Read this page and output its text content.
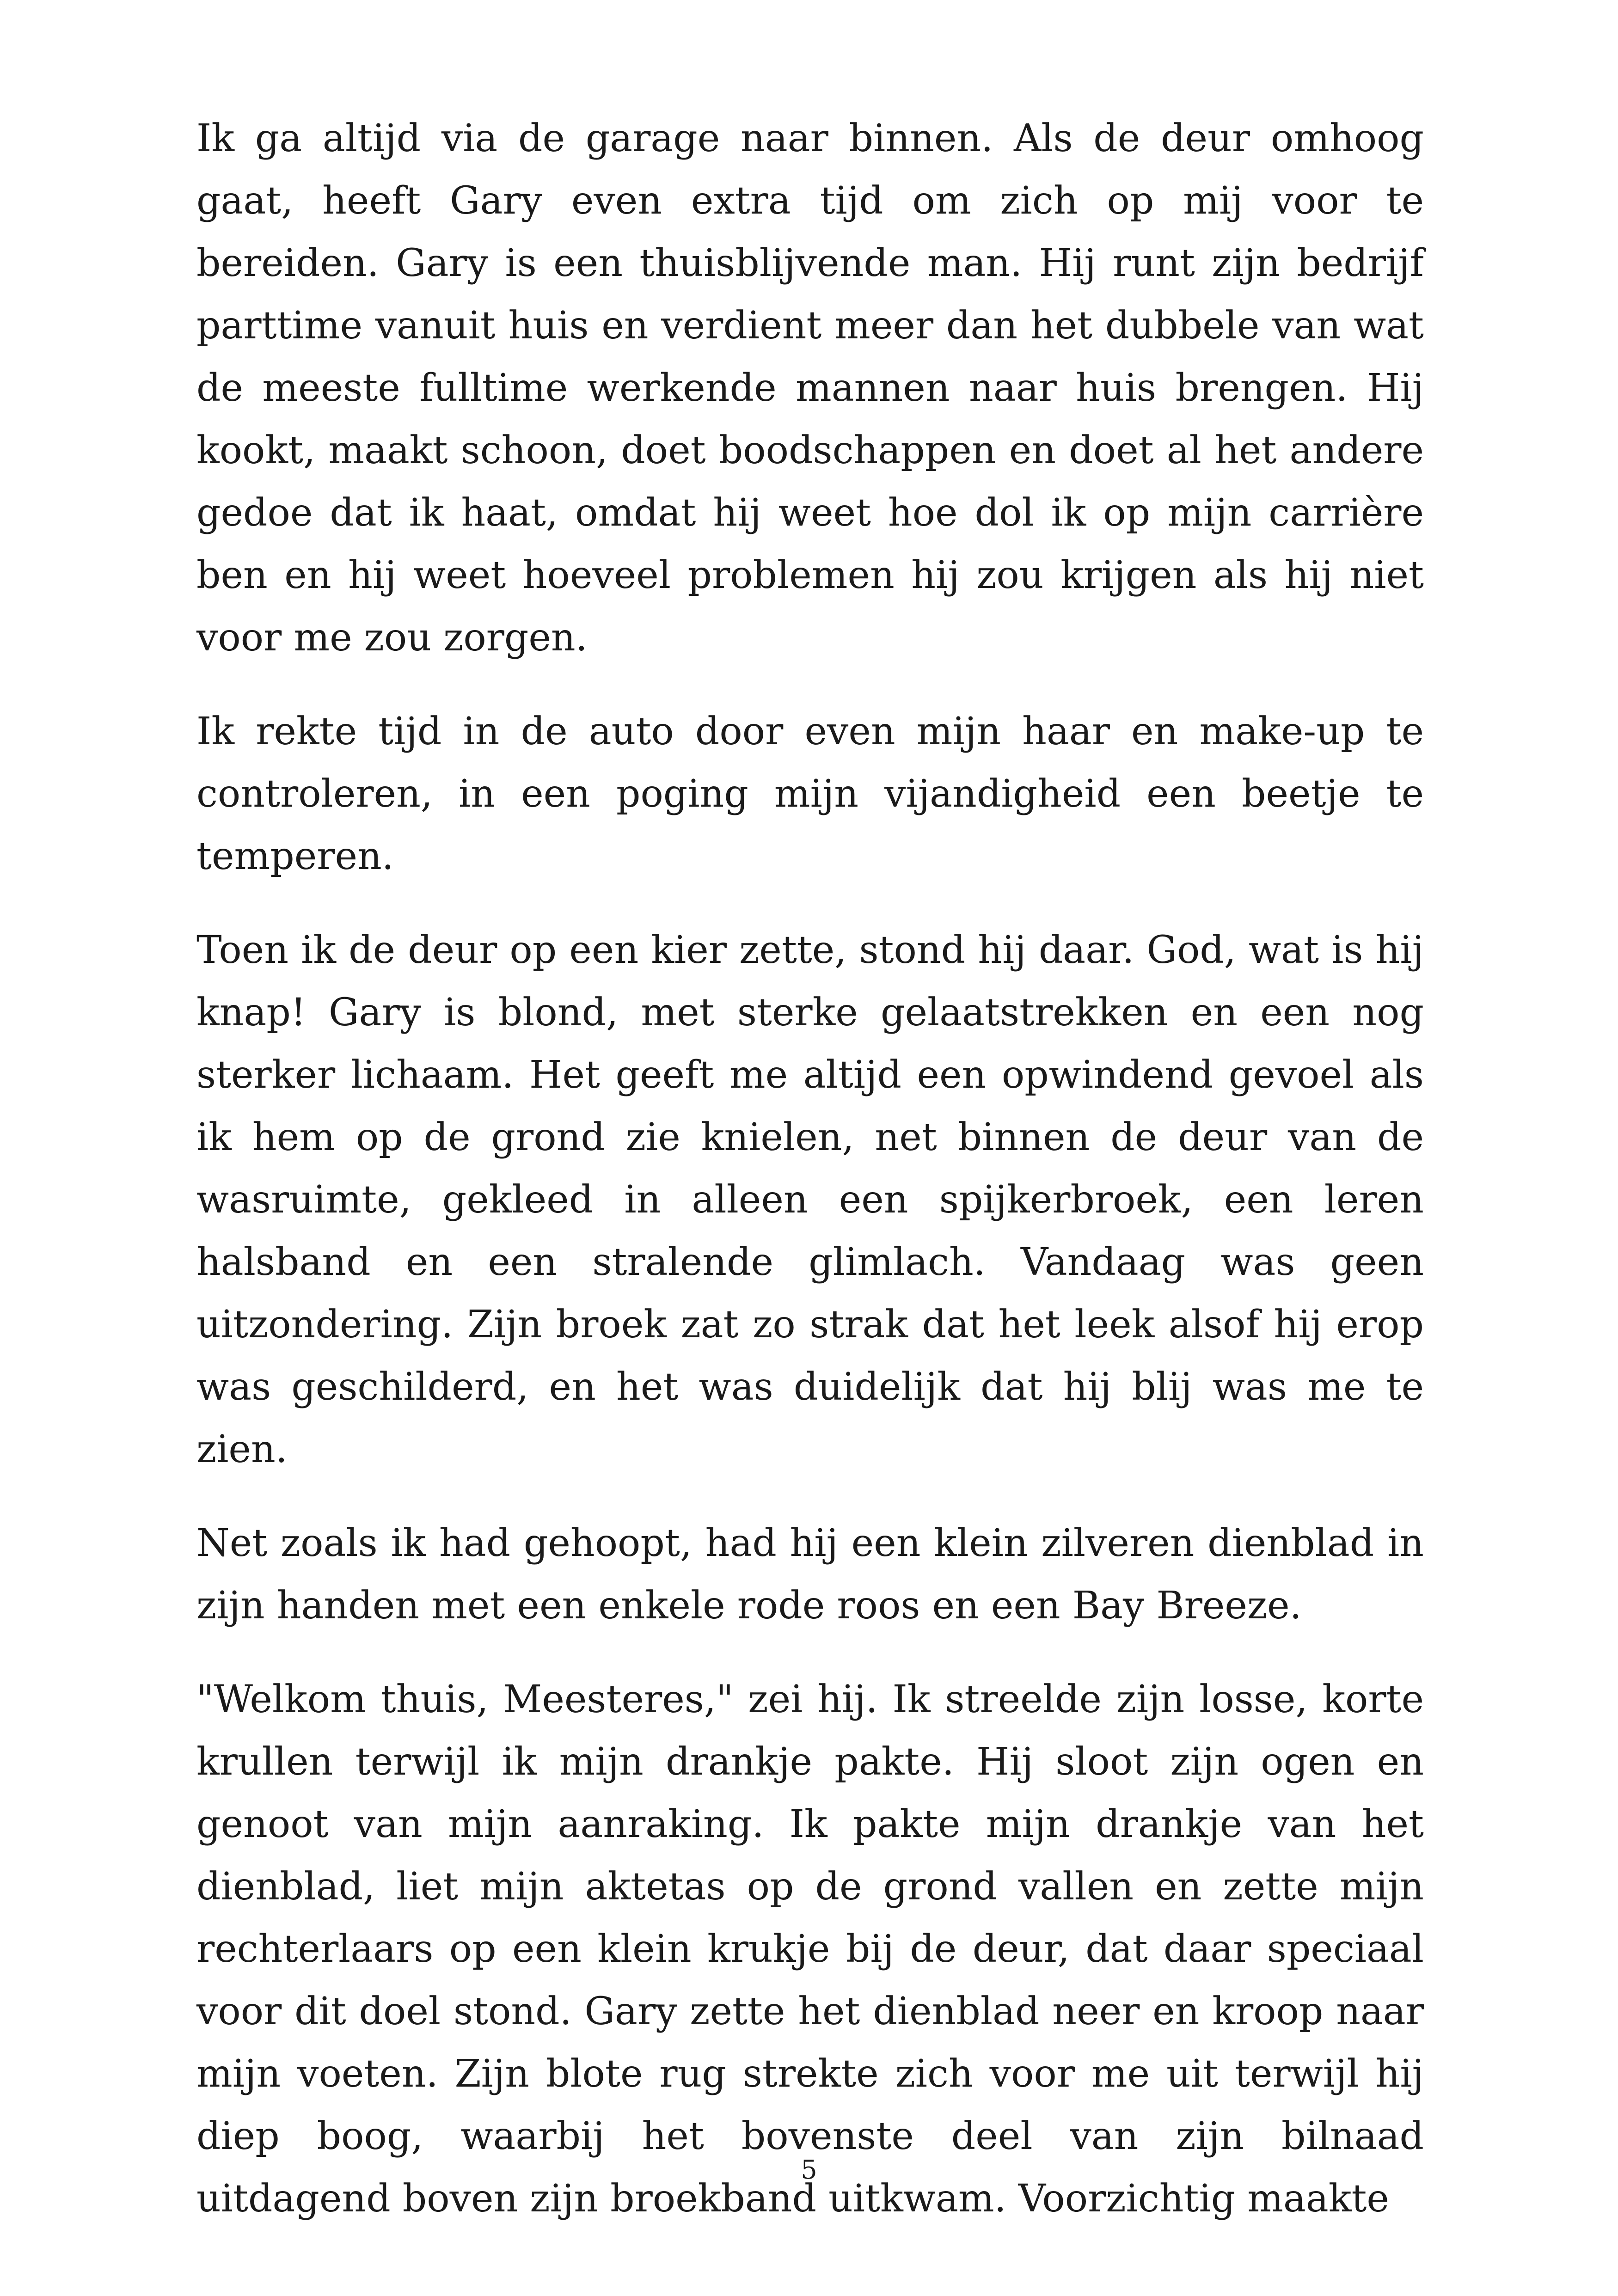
Ik ga altijd via de garage naar binnen. Als de deur omhoog gaat, heeft Gary even extra tijd om zich op mij voor te bereiden. Gary is een thuisblijvende man. Hij runt zijn bedrijf parttime vanuit huis en verdient meer dan het dubbele van wat de meeste fulltime werkende mannen naar huis brengen. Hij kookt, maakt schoon, doet boodschappen en doet al het andere gedoe dat ik haat, omdat hij weet hoe dol ik op mijn carrière ben en hij weet hoeveel problemen hij zou krijgen als hij niet voor me zou zorgen.

Ik rekte tijd in de auto door even mijn haar en make-up te controleren, in een poging mijn vijandigheid een beetje te temperen.

Toen ik de deur op een kier zette, stond hij daar. God, wat is hij knap! Gary is blond, met sterke gelaatstrekken en een nog sterker lichaam. Het geeft me altijd een opwindend gevoel als ik hem op de grond zie knielen, net binnen de deur van de wasruimte, gekleed in alleen een spijkerbroek, een leren halsband en een stralende glimlach. Vandaag was geen uitzondering. Zijn broek zat zo strak dat het leek alsof hij erop was geschilderd, en het was duidelijk dat hij blij was me te zien.

Net zoals ik had gehoopt, had hij een klein zilveren dienblad in zijn handen met een enkele rode roos en een Bay Breeze.

"Welkom thuis, Meesteres," zei hij. Ik streelde zijn losse, korte krullen terwijl ik mijn drankje pakte. Hij sloot zijn ogen en genoot van mijn aanraking. Ik pakte mijn drankje van het dienblad, liet mijn aktetas op de grond vallen en zette mijn rechterlaars op een klein krukje bij de deur, dat daar speciaal voor dit doel stond. Gary zette het dienblad neer en kroop naar mijn voeten. Zijn blote rug strekte zich voor me uit terwijl hij diep boog, waarbij het bovenste deel van zijn bilnaad uitdagend boven zijn broekband uitkwam. Voorzichtig maakte

5
